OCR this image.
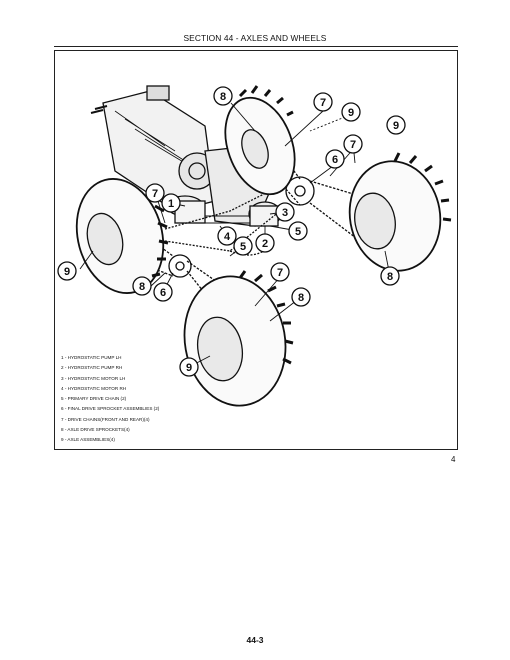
SECTION 44 - AXLES AND WHEELS
8	7
9
9
7
6
1
7
3
5
4
5 2
9
8 6
7
8
9
8
1 - HYDROSTATIC PUMP LH
2 - HYDROSTATIC PUMP RH
3 - HYDROSTATIC MOTOR LH
4 - HYDROSTATIC MOTOR RH
5 - PRIMARY DRIVE CHAIN (2)
6 - FINAL DRIVE SPROCKET ASSEMBLIES (2)
7 - DRIVE CHAINS(FRONT AND REAR)(4)
8 - AXLE DRIVE SPROCKETS(4)
9 - AXLE ASSEMBLIES(4)
4
44-3
